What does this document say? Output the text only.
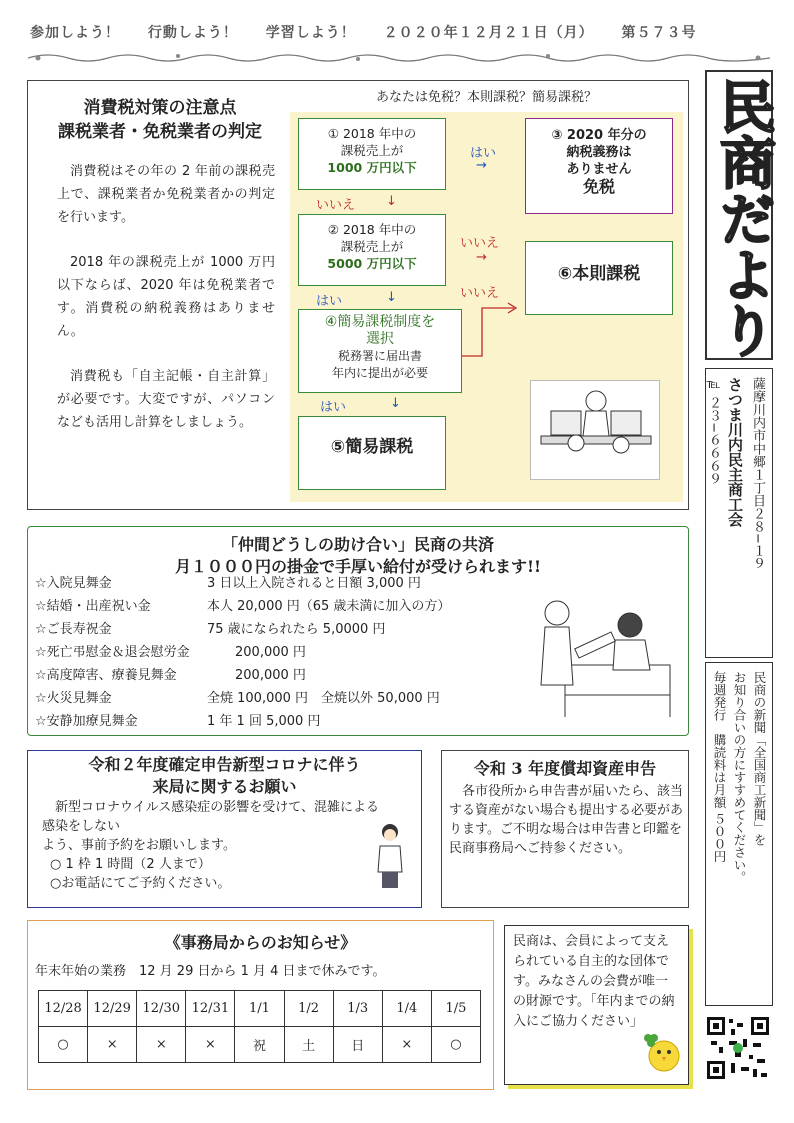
参加しよう！ 行動しよう！ 学習しよう！ ２０２０年１２月２１日（月） 第５７３号
消費税対策の注意点
課税業者・免税業者の判定

消費税はその年の 2 年前の課税売上で、課税業者か免税業者かの判定を行います。

2018 年の課税売上が 1000 万円以下ならば、2020 年は免税業者です。消費税の納税義務はありません。

消費税も「自主記帳・自主計算」が必要です。大変ですが、パソコンなども活用し計算をしましょう。

あなたは免税？本則課税？簡易課税？
① 2018 年中の
課税売上が
1000 万円以下
はい
→
③ 2020 年分の
納税義務は
ありません
免税
いいえ ↓
② 2018 年中の
課税売上が
5000 万円以下
いいえ
→
⑥本則課税
はい	↓	いいえ
④簡易課税制度を
選択
税務署に届出書
年内に提出が必要
はい	↓
⑤簡易課税
民商だより
薩摩川内市中郷１丁目２８−１９
さつま川内民主商工会
℡ ２３−６６６９
民商の新聞「全国商工新聞」を
お知り合いの方にすすめてください。
毎週発行　購読料は月額 ５００円
「仲間どうしの助け合い」民商の共済
月１０００円の掛金で手厚い給付が受けられます!!
☆入院見舞金	3 日以上入院されると日額 3,000 円
☆結婚・出産祝い金	本人 20,000 円（65 歳未満に加入の方）
☆ご長寿祝金	75 歳になられたら 5,0000 円
☆死亡弔慰金＆退会慰労金	200,000 円
☆高度障害、療養見舞金	200,000 円
☆火災見舞金	全焼 100,000 円　全焼以外 50,000 円
☆安静加療見舞金	1 年 1 回 5,000 円
令和２年度確定申告新型コロナに伴う
来局に関するお願い
新型コロナウイルス感染症の影響を受けて、混雑による感染をしない
よう、事前予約をお願いします。
○ 1 枠 1 時間（2 人まで）
○お電話にてご予約ください。
令和 3 年度償却資産申告
各市役所から申告書が届いたら、該当する資産がない場合も提出する必要があります。ご不明な場合は申告書と印鑑を民商事務局へご持参ください。
《事務局からのお知らせ》
年末年始の業務　12 月 29 日から 1 月 4 日まで休みです。
12/28	12/29	12/30	12/31	1/1	1/2	1/3	1/4	1/5
○	×	×	×	祝	土	日	×	○
民商は、会員によって支えられている自主的な団体です。みなさんの会費が唯一の財源です。「年内までの納入にご協力ください」
